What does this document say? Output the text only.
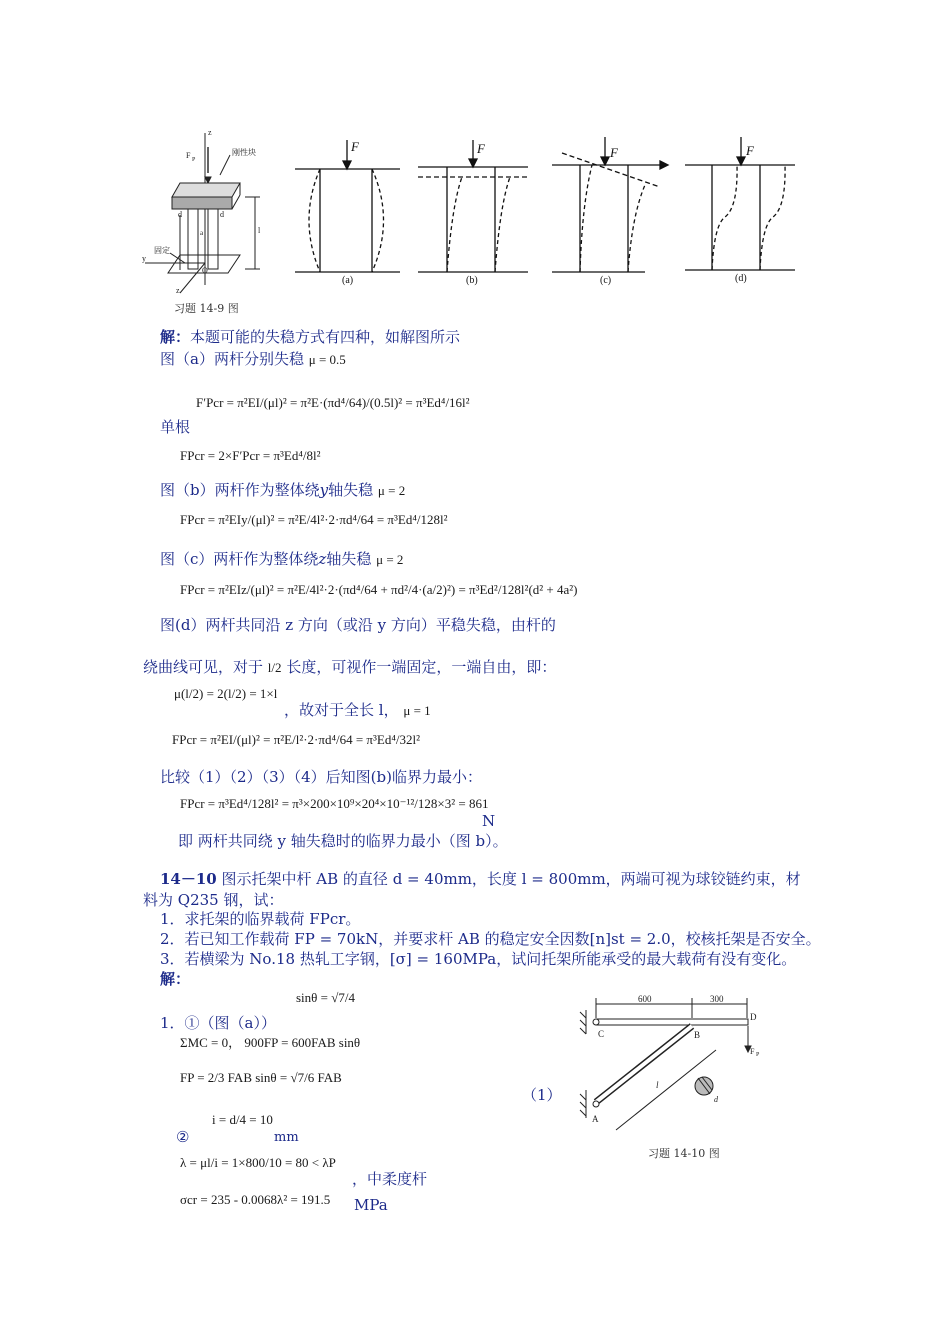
z
F P
刚性块
d	d
a	l
y
z
O
固定
F
(a)
F
(b)
F
(c)
F
(d)
习题 14-9 图
解：本题可能的失稳方式有四种，如解图所示
图（a）两杆分别失稳 μ = 0.5
单根
F′Pcr = π²EI/(μl)² = π²E·(πd⁴/64)/(0.5l)² = π³Ed⁴/16l²
FPcr = 2×F′Pcr = π³Ed⁴/8l²
图（b）两杆作为整体绕y轴失稳 μ = 2
FPcr = π²EIy/(μl)² = π²E/4l²·2·πd⁴/64 = π³Ed⁴/128l²
图（c）两杆作为整体绕z轴失稳 μ = 2
FPcr = π²EIz/(μl)² = π²E/4l²·2·(πd⁴/64 + πd²/4·(a/2)²) = π³Ed²/128l²(d² + 4a²)
图(d）两杆共同沿 z 方向（或沿 y 方向）平稳失稳，由杆的
绕曲线可见，对于 l/2 长度，可视作一端固定，一端自由，即：
μ(l/2) = 2(l/2) = 1×l
，故对于全长 l， μ = 1
FPcr = π²EI/(μl)² = π²E/l²·2·πd⁴/64 = π³Ed⁴/32l²
比较（1）（2）（3）（4）后知图(b)临界力最小：
FPcr = π³Ed⁴/128l² = π³×200×10⁹×20⁴×10⁻¹²/128×3² = 861
N
即 两杆共同绕 y 轴失稳时的临界力最小（图 b）。
14－10 图示托架中杆 AB 的直径 d = 40mm，长度 l = 800mm，两端可视为球铰链约束，材
料为 Q235 钢，试：
1．求托架的临界载荷 FPcr。
2．若已知工作载荷 FP = 70kN，并要求杆 AB 的稳定安全因数[n]st = 2.0，校核托架是否安全。
3．若横梁为 No.18 热轧工字钢，[σ] = 160MPa，试问托架所能承受的最大载荷有没有变化。
解：
sinθ = √7/4
1．①（图（a））
ΣMC = 0， 900FP = 600FAB sinθ
FP = 2/3 FAB sinθ = √7/6 FAB
②
i = d/4 = 10
mm
λ = μl/i = 1×800/10 = 80 < λP
，中柔度杆
σcr = 235 - 0.0068λ² = 191.5 MPa
（1）
600	300
C	B
D
F P
A
l
d
习题 14-10 图
